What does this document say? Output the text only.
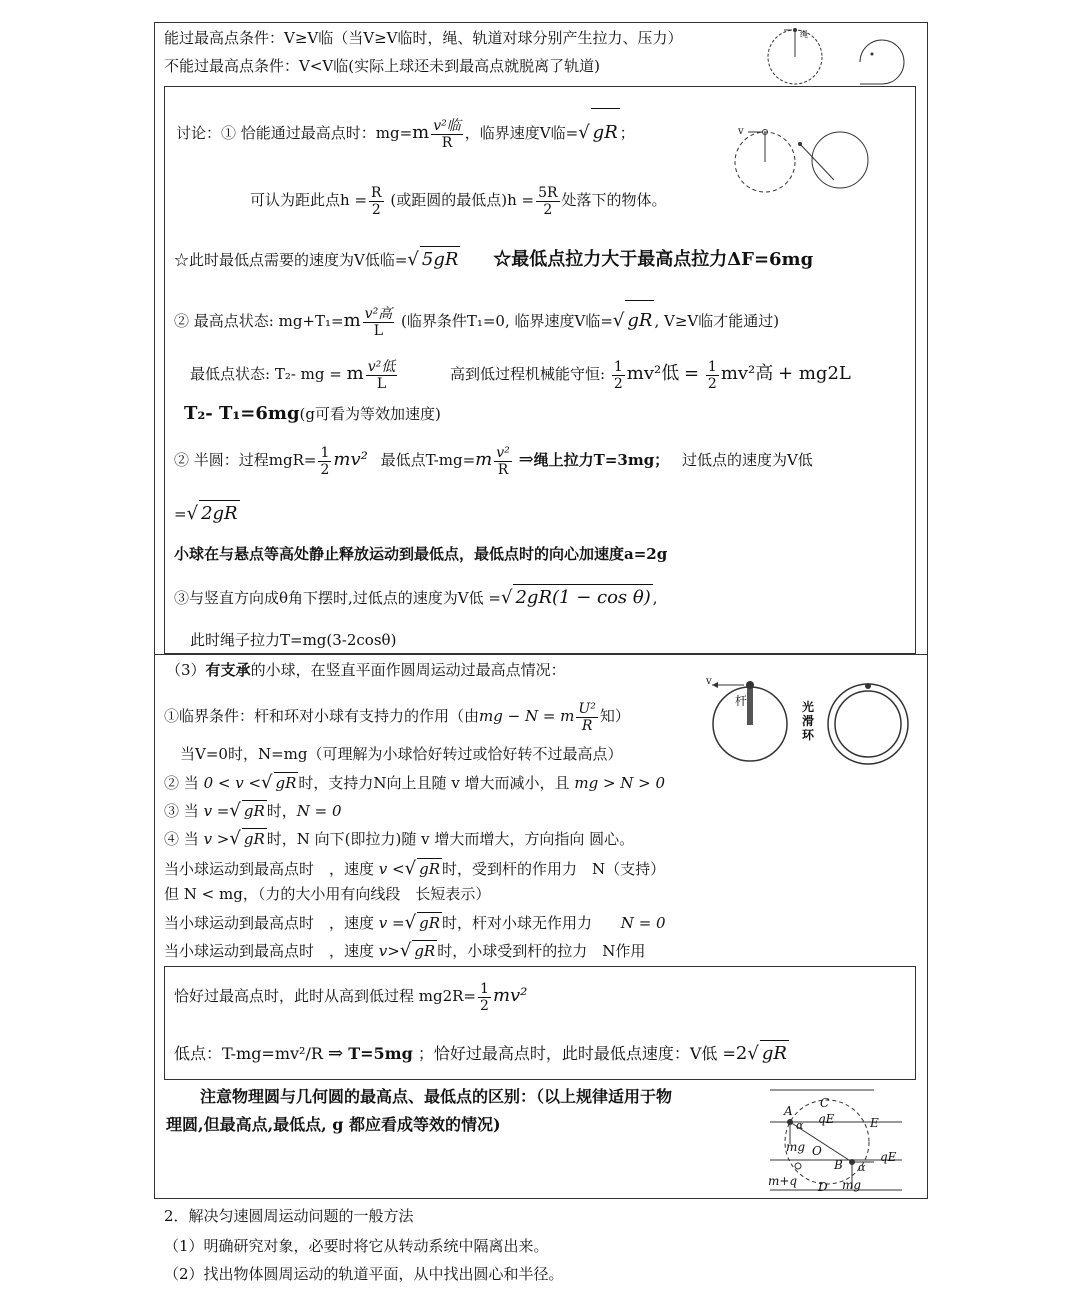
能过最高点条件：V≥V临（当V≥V临时，绳、轨道对球分别产生拉力、压力）
不能过最高点条件：V<V临(实际上球还未到最高点就脱离了轨道)
绳
v
讨论：① 恰能通过最高点时：$mg=m \frac{\text{v²临}}{R}$ ，临界速度V临=√ gR ；
可认为距此点$h = \frac{R}{2}$ (或距圆的最低点)$h = \frac{5R}{2}$ 处落下的物体。
☆此时最低点需要的速度为V低临=√ 5gR ☆最低点拉力大于最高点拉力ΔF=6mg
② 最高点状态: $mg+T_1=m \frac{\text{v²高}}{L}$ (临界条件T₁=0, 临界速度V临=√ gR , V≥V临才能通过)
最低点状态: T₂- mg = m $\frac{\text{v²低}}{L}$	高到低过程机械能守恒: $\frac{1}{2} mv^2$低 = $\frac{1}{2} mv^2$高 + mg2L
T₂- T₁=6mg(g可看为等效加速度)
② 半圆：过程$mgR= \frac{1}{2} mv^2$ 最低点$T-mg=m \frac{\text{v²}}{R}$ ⇒绳上拉力T=3mg； 过低点的速度为V低
=√ 2gR
小球在与悬点等高处静止释放运动到最低点，最低点时的向心加速度a=2g
③与竖直方向成θ角下摆时,过低点的速度为V低 =√ 2gR(1 − cos θ) ,
此时绳子拉力T=mg(3-2cosθ)
（3）有支承的小球，在竖直平面作圆周运动过最高点情况：
①临界条件：杆和环对小球有支持力的作用（由mg − N = m $\frac{\text{U²}}{R}$ 知）
当V=0时，N=mg（可理解为小球恰好转过或恰好转不过最高点）
② 当 0 < v <√ gR 时，支持力N向上且随 v 增大而减小，且 mg > N > 0
③ 当 v =√ gR 时，N = 0
④ 当 v >√ gR 时，N 向下(即拉力)随 v 增大而增大，方向指向 圆心。
当小球运动到最高点时　，速度 v <√ gR 时，受到杆的作用力　N（支持）
但 N < mg，（力的大小用有向线段　长短表示）
当小球运动到最高点时　，速度 v =√ gR 时，杆对小球无作用力 N = 0
当小球运动到最高点时　，速度 v>√ gR 时，小球受到杆的拉力　N作用
v
杆	光
滑
环
恰好过最高点时，此时从高到低过程 $mg2R= \frac{1}{2} mv^2$
低点：T-mg=mv²/R ⇒ T=5mg ；恰好过最高点时，此时最低点速度：V低 =2√ gR
注意物理圆与几何圆的最高点、最低点的区别：（以上规律适用于物
理圆,但最高点,最低点, g 都应看成等效的情况)
A
C
qE	E
α
mg O
B α
qE
m+q D mg
2．解决匀速圆周运动问题的一般方法
（1）明确研究对象，必要时将它从转动系统中隔离出来。
（2）找出物体圆周运动的轨道平面，从中找出圆心和半径。
